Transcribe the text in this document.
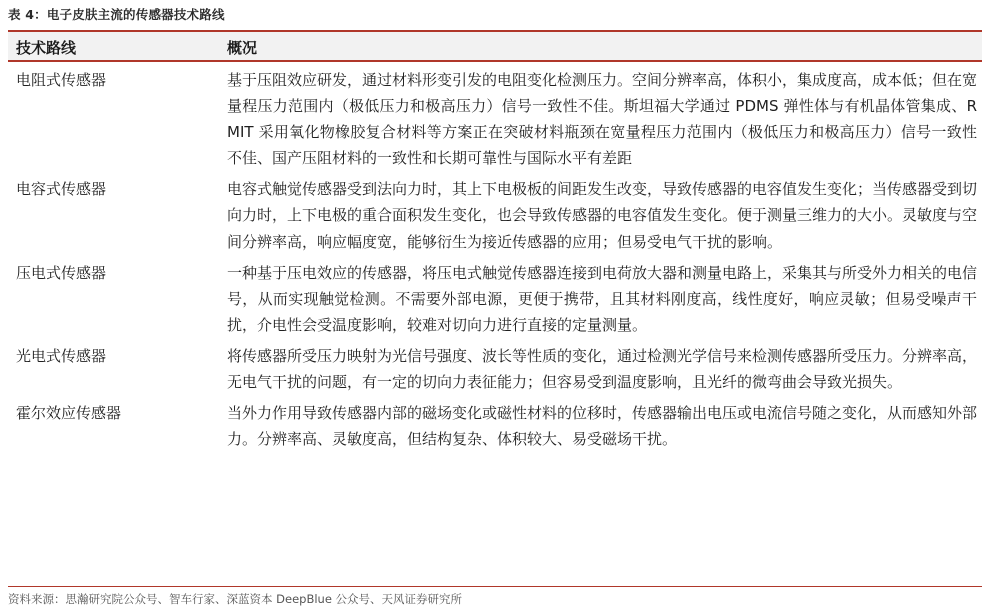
表 4：电子皮肤主流的传感器技术路线
技术路线	概况
电阻式传感器	基于压阻效应研发，通过材料形变引发的电阻变化检测压力。空间分辨率高，体积小，集成度高，成本低；但在宽量程压力范围内（极低压力和极高压力）信号一致性不佳。斯坦福大学通过 PDMS 弹性体与有机晶体管集成、RMIT 采用氧化物橡胶复合材料等方案正在突破材料瓶颈在宽量程压力范围内（极低压力和极高压力）信号一致性不佳、国产压阻材料的一致性和长期可靠性与国际水平有差距
电容式传感器	电容式触觉传感器受到法向力时，其上下电极板的间距发生改变，导致传感器的电容值发生变化；当传感器受到切向力时，上下电极的重合面积发生变化，也会导致传感器的电容值发生变化。便于测量三维力的大小。灵敏度与空间分辨率高，响应幅度宽，能够衍生为接近传感器的应用；但易受电气干扰的影响。
压电式传感器	一种基于压电效应的传感器，将压电式触觉传感器连接到电荷放大器和测量电路上，采集其与所受外力相关的电信号，从而实现触觉检测。不需要外部电源，更便于携带，且其材料刚度高，线性度好，响应灵敏；但易受噪声干扰，介电性会受温度影响，较难对切向力进行直接的定量测量。
光电式传感器	将传感器所受压力映射为光信号强度、波长等性质的变化，通过检测光学信号来检测传感器所受压力。分辨率高，无电气干扰的问题，有一定的切向力表征能力；但容易受到温度影响，且光纤的微弯曲会导致光损失。
霍尔效应传感器	当外力作用导致传感器内部的磁场变化或磁性材料的位移时，传感器输出电压或电流信号随之变化，从而感知外部力。分辨率高、灵敏度高，但结构复杂、体积较大、易受磁场干扰。
资料来源：思瀚研究院公众号、智车行家、深蓝资本 DeepBlue 公众号、天风证券研究所
